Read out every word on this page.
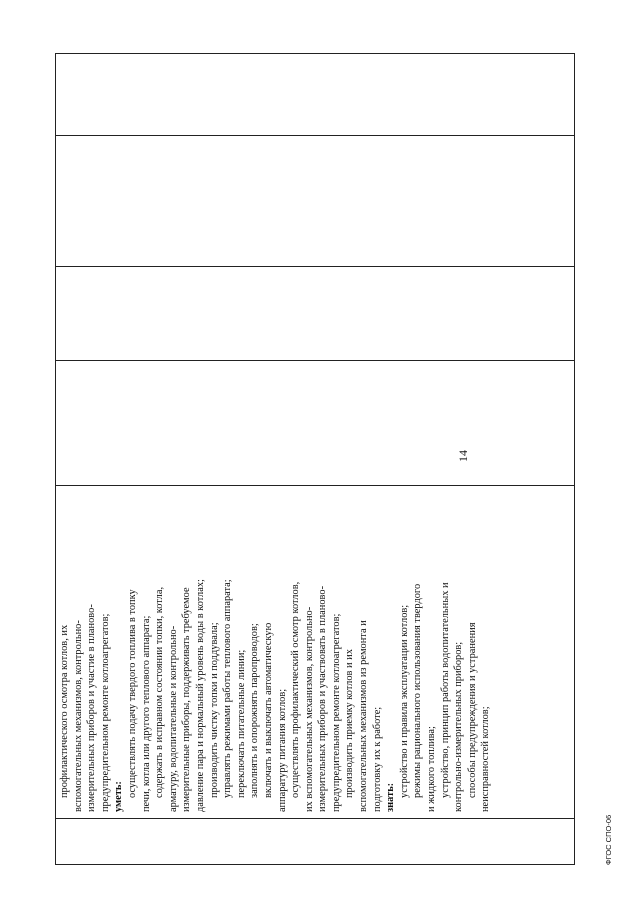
профилактического осмотра котлов, их вспомогательных механизмов, контрольно- измерительных приборов и участие в планово- предупредительном ремонте котлоагрегатов; уметь: осуществлять подачу твердого топлива в топку печи, котла или другого теплового аппарата; содержать в исправном состоянии топки, котла, арматуру, водопитательные и контрольно- измерительные приборы, поддерживать требуемое давление пара и нормальный уровень воды в котлах; производить чистку топки и поддувала; управлять режимами работы теплового аппарата; переключать питательные линии; заполнять и опорожнять паропроводов; включать и выключать автоматическую аппаратуру питания котлов; осуществлять профилактический осмотр котлов, их вспомогательных механизмов, контрольно- измерительных приборов и участвовать в планово- предупредительном ремонте котлоагрегатов; производить приемку котлов и их вспомогательных механизмов из ремонта и подготовку их к работе; знать: устройство и правила эксплуатации котлов; режимы рационального использования твердого и жидкого топлива; устройство, принцип работы водопитательных и контрольно-измерительных приборов; способы предупреждения и устранения неисправностей котлов;

14
ФГОС СПО-06
